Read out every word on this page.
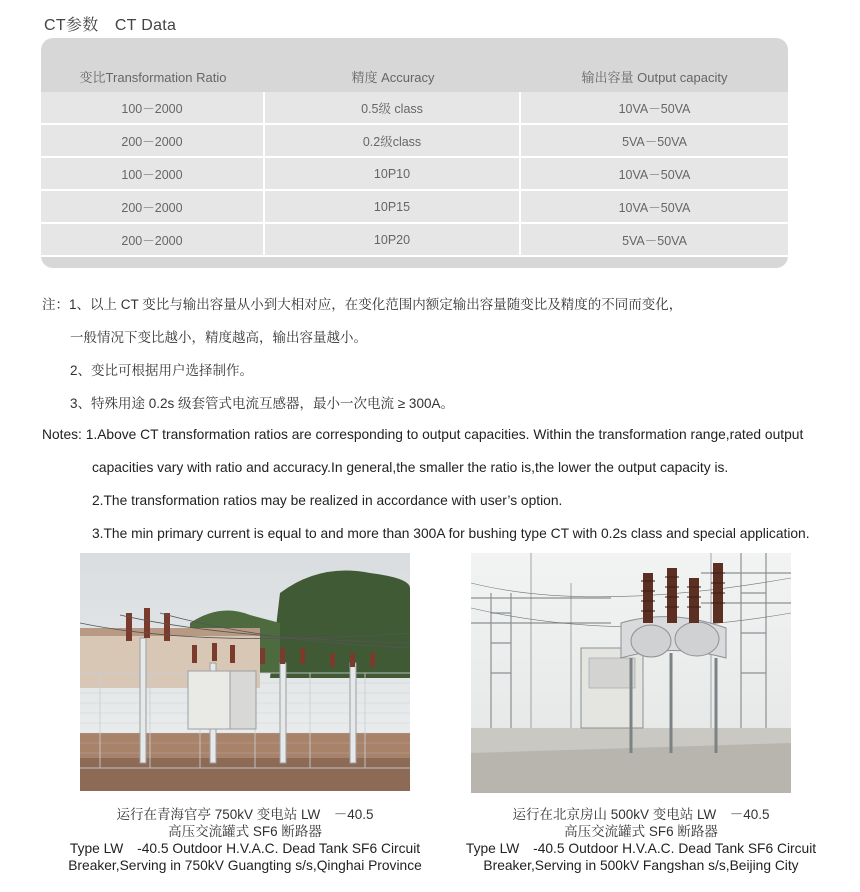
CT参数　CT Data
变比Transformation Ratio	精度 Accuracy	输出容量 Output capacity
100－2000	0.5级 class	10VA－50VA
200－2000	0.2级class	5VA－50VA
100－2000	10P10	10VA－50VA
200－2000	10P15	10VA－50VA
200－2000	10P20	5VA－50VA
注：1、以上 CT 变比与输出容量从小到大相对应，在变化范围内额定输出容量随变比及精度的不同而变化，
一般情况下变比越小，精度越高，输出容量越小。
2、变比可根据用户选择制作。
3、特殊用途 0.2s 级套管式电流互感器，最小一次电流 ≥ 300A。
Notes: 1.Above CT transformation ratios are corresponding to output capacities. Within the transformation range,rated output
capacities vary with ratio and accuracy.In general,the smaller the ratio is,the lower the output capacity is.
2.The transformation ratios may be realized in accordance with user’s option.
3.The min primary current is equal to and more than 300A for bushing type CT with 0.2s class and special application.
运行在青海官亭 750kV 变电站 LW　－40.5
高压交流罐式 SF6 断路器
Type LW　-40.5 Outdoor H.V.A.C. Dead Tank SF6 Circuit
Breaker,Serving in 750kV Guangting s/s,Qinghai Province
运行在北京房山 500kV 变电站 LW　－40.5
高压交流罐式 SF6 断路器
Type LW　-40.5 Outdoor H.V.A.C. Dead Tank SF6 Circuit
Breaker,Serving in 500kV Fangshan s/s,Beijing City
